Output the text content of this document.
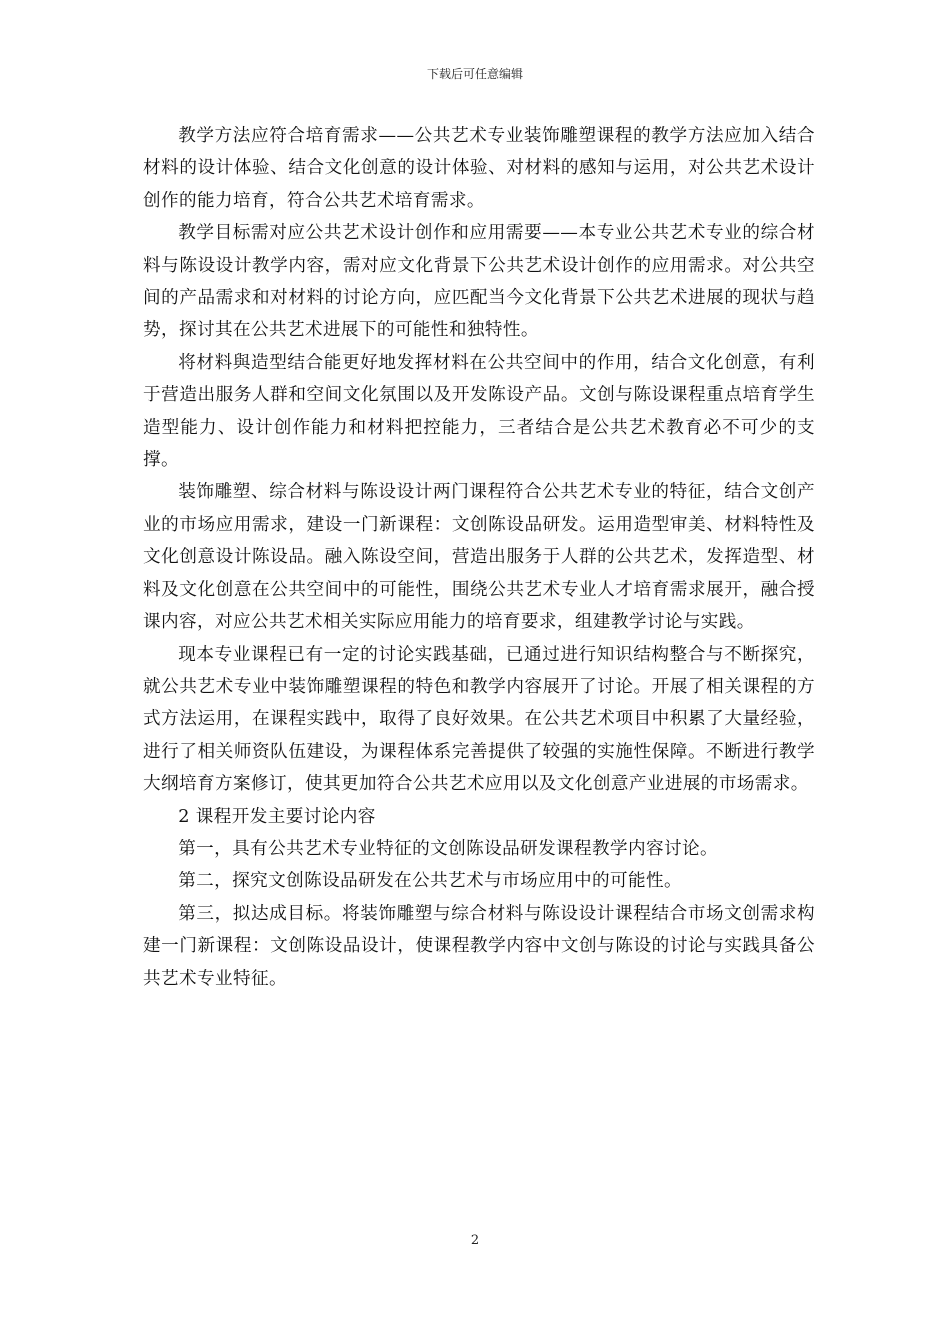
下载后可任意编辑

教学方法应符合培育需求——公共艺术专业装饰雕塑课程的教学方法应加入结合材料的设计体验、结合文化创意的设计体验、对材料的感知与运用，对公共艺术设计创作的能力培育，符合公共艺术培育需求。

教学目标需对应公共艺术设计创作和应用需要——本专业公共艺术专业的综合材料与陈设设计教学内容，需对应文化背景下公共艺术设计创作的应用需求。对公共空间的产品需求和对材料的讨论方向，应匹配当今文化背景下公共艺术进展的现状与趋势，探讨其在公共艺术进展下的可能性和独特性。

将材料與造型结合能更好地发挥材料在公共空间中的作用，结合文化创意，有利于营造出服务人群和空间文化氛围以及开发陈设产品。文创与陈设课程重点培育学生造型能力、设计创作能力和材料把控能力，三者结合是公共艺术教育必不可少的支撑。

装饰雕塑、综合材料与陈设设计两门课程符合公共艺术专业的特征，结合文创产业的市场应用需求，建设一门新课程：文创陈设品研发。运用造型审美、材料特性及文化创意设计陈设品。融入陈设空间，营造出服务于人群的公共艺术，发挥造型、材料及文化创意在公共空间中的可能性，围绕公共艺术专业人才培育需求展开，融合授课内容，对应公共艺术相关实际应用能力的培育要求，组建教学讨论与实践。

现本专业课程已有一定的讨论实践基础，已通过进行知识结构整合与不断探究，就公共艺术专业中装饰雕塑课程的特色和教学内容展开了讨论。开展了相关课程的方式方法运用，在课程实践中，取得了良好效果。在公共艺术项目中积累了大量经验，进行了相关师资队伍建设，为课程体系完善提供了较强的实施性保障。不断进行教学大纲培育方案修订，使其更加符合公共艺术应用以及文化创意产业进展的市场需求。

2 课程开发主要讨论内容

第一，具有公共艺术专业特征的文创陈设品研发课程教学内容讨论。

第二，探究文创陈设品研发在公共艺术与市场应用中的可能性。

第三，拟达成目标。将装饰雕塑与综合材料与陈设设计课程结合市场文创需求构建一门新课程：文创陈设品设计，使课程教学内容中文创与陈设的讨论与实践具备公共艺术专业特征。

2
